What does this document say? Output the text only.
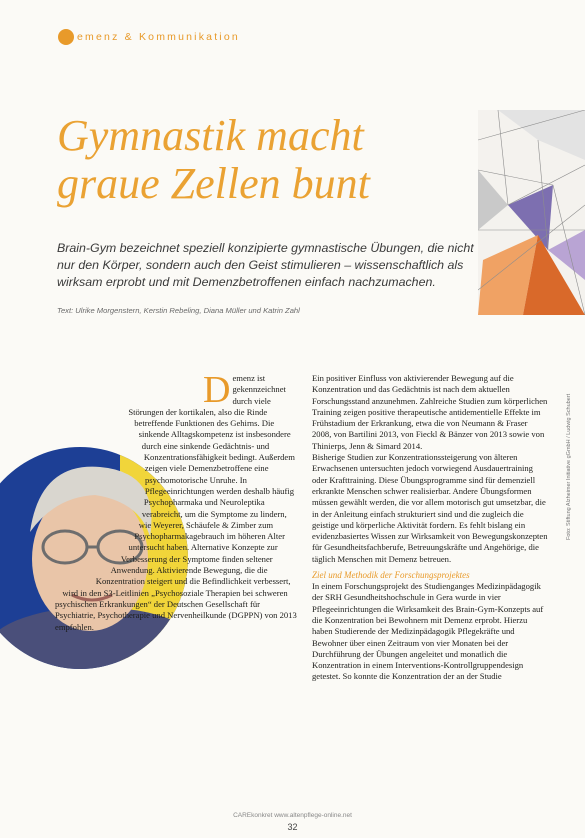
emenz & Kommunikation
Gymnastik macht
graue Zellen bunt

Brain-Gym bezeichnet speziell konzipierte gymnastische Übungen, die nicht nur den Körper, sondern auch den Geist stimulieren – wissenschaftlich als wirksam erprobt und mit Demenzbetroffenen einfach nachzumachen.

Text: Ulrike Morgenstern, Kerstin Rebeling, Diana Müller und Katrin Zahl

Demenz ist gekennzeichnet durch viele Störungen der kortikalen, also die Rinde betreffende Funktionen des Gehirns. Die sinkende Alltagskompetenz ist insbesondere durch eine sinkende Gedächtnis- und Konzentrationsfähigkeit bedingt. Außerdem zeigen viele Demenzbetroffene eine psychomotorische Unruhe. In Pflegeeinrichtungen werden deshalb häufig Psychopharmaka und Neuroleptika verabreicht, um die Symptome zu lindern, wie Weyerer, Schäufele & Zimber zum Psychopharmakagebrauch im höheren Alter untersucht haben. Alternative Konzepte zur Verbesserung der Symptome finden seltener Anwendung. Aktivierende Bewegung, die die Konzentration steigert und die Befindlichkeit verbessert, wird in den S3-Leitlinien „Psychosoziale Therapien bei schweren psychischen Erkrankungen“ der Deutschen Gesellschaft für Psychiatrie, Psychotherapie und Nervenheilkunde (DGPPN) von 2013 empfohlen.

Ein positiver Einfluss von aktivierender Bewegung auf die Konzentration und das Gedächtnis ist nach dem aktuellen Forschungsstand anzunehmen. Zahlreiche Studien zum körperlichen Training zeigen positive therapeutische antidementielle Effekte im Frühstadium der Erkrankung, etwa die von Neumann & Fraser 2008, von Bartilini 2013, von Fieckl & Bänzer von 2013 sowie von Thinierps, Jenn & Simard 2014.

Bisherige Studien zur Konzentrationssteigerung von älteren Erwachsenen untersuchten jedoch vorwiegend Ausdauertraining oder Krafttraining. Diese Übungsprogramme sind für demenziell erkrankte Menschen schwer realisierbar. Andere Übungsformen müssen gewählt werden, die vor allem motorisch gut umsetzbar, die in der Anleitung einfach strukturiert sind und die zugleich die geistige und körperliche Aktivität fordern. Es fehlt bislang ein evidenzbasiertes Wissen zur Wirksamkeit von Bewegungskonzepten für Gesundheitsfachberufe, Betreuungskräfte und Angehörige, die täglich Menschen mit Demenz betreuen.

Ziel und Methodik der Forschungsprojektes

In einem Forschungsprojekt des Studienganges Medizinpädagogik der SRH Gesundheitshochschule in Gera wurde in vier Pflegeeinrichtungen die Wirksamkeit des Brain-Gym-Konzepts auf die Konzentration bei Bewohnern mit Demenz erprobt. Hierzu haben Studierende der Medizinpädagogik Pflegekräfte und Bewohner über einen Zeitraum von vier Monaten bei der Durchführung der Übungen angeleitet und monatlich die Konzentration in einem Interventions-Kontrollgruppendesign getestet. So konnte die Konzentration der an der Studie

Foto: Stiftung Alzheimer Initiative gGmbH / Ludwig Schubert
CAREkonkret www.altenpflege-online.net
32
